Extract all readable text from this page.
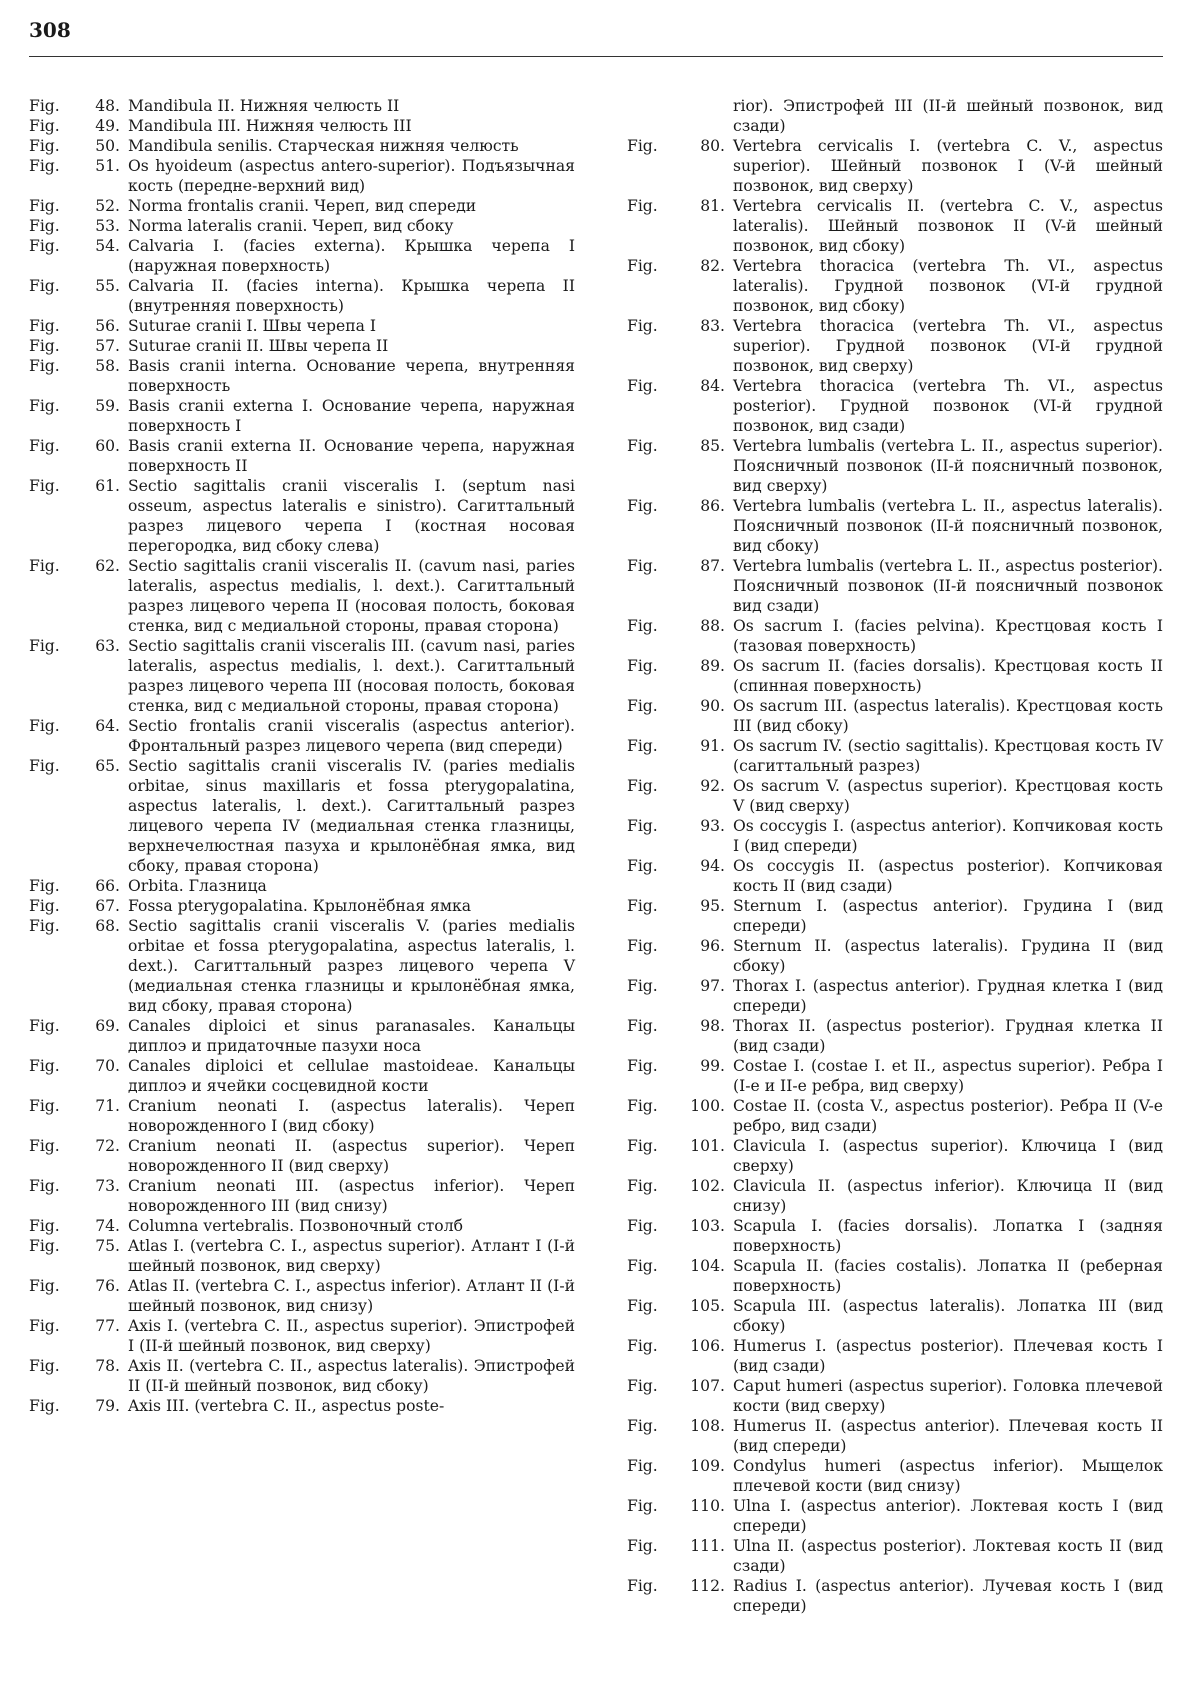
308
Fig.	48. Mandibula II. Нижняя челюсть II
Fig.	49. Mandibula III. Нижняя челюсть III
Fig.	50. Mandibula senilis. Старческая нижняя челюсть
Fig.	51. Os hyoideum (aspectus antero-superior). Подъязычная кость (передне-верхний вид)
Fig.	52. Norma frontalis cranii. Череп, вид спереди
Fig.	53. Norma lateralis cranii. Череп, вид сбоку
Fig.	54. Calvaria I. (facies externa). Крышка черепа I (наружная поверхность)
Fig.	55. Calvaria II. (facies interna). Крышка черепа II (внутренняя поверхность)
Fig.	56. Suturae cranii I. Швы черепа I
Fig.	57. Suturae cranii II. Швы черепа II
Fig.	58. Basis cranii interna. Основание черепа, внутренняя поверхность
Fig.	59. Basis cranii externa I. Основание черепа, наружная поверхность I
Fig.	60. Basis cranii externa II. Основание черепа, наружная поверхность II
Fig.	61. Sectio sagittalis cranii visceralis I. (septum nasi osseum, aspectus lateralis e sinistro). Сагиттальный разрез лицевого черепа I (костная носовая перегородка, вид сбоку слева)
Fig.	62. Sectio sagittalis cranii visceralis II. (cavum nasi, paries lateralis, aspectus medialis, l. dext.). Сагиттальный разрез лицевого черепа II (носовая полость, боковая стенка, вид с медиальной стороны, правая сторона)
Fig.	63. Sectio sagittalis cranii visceralis III. (cavum nasi, paries lateralis, aspectus medialis, l. dext.). Сагиттальный разрез лицевого черепа III (носовая полость, боковая стенка, вид с медиальной стороны, правая сторона)
Fig.	64. Sectio frontalis cranii visceralis (aspectus anterior). Фронтальный разрез лицевого черепа (вид спереди)
Fig.	65. Sectio sagittalis cranii visceralis IV. (paries medialis orbitae, sinus maxillaris et fossa pterygopalatina, aspectus lateralis, l. dext.). Сагиттальный разрез лицевого черепа IV (медиальная стенка глазницы, верхнечелюстная пазуха и крылонёбная ямка, вид сбоку, правая сторона)
Fig.	66. Orbita. Глазница
Fig.	67. Fossa pterygopalatina. Крылонёбная ямка
Fig.	68. Sectio sagittalis cranii visceralis V. (paries medialis orbitae et fossa pterygopalatina, aspectus lateralis, l. dext.). Сагиттальный разрез лицевого черепа V (медиальная стенка глазницы и крылонёбная ямка, вид сбоку, правая сторона)
Fig.	69. Canales diploici et sinus paranasales. Канальцы диплоэ и придаточные пазухи носа
Fig.	70. Canales diploici et cellulae mastoideae. Канальцы диплоэ и ячейки сосцевидной кости
Fig.	71. Cranium neonati I. (aspectus lateralis). Череп новорожденного I (вид сбоку)
Fig.	72. Cranium neonati II. (aspectus superior). Череп новорожденного II (вид сверху)
Fig.	73. Cranium neonati III. (aspectus inferior). Череп новорожденного III (вид снизу)
Fig.	74. Columna vertebralis. Позвоночный столб
Fig.	75. Atlas I. (vertebra C. I., aspectus superior). Атлант I (I-й шейный позвонок, вид сверху)
Fig.	76. Atlas II. (vertebra C. I., aspectus inferior). Атлант II (I-й шейный позвонок, вид снизу)
Fig.	77. Axis I. (vertebra C. II., aspectus superior). Эпистрофей I (II-й шейный позвонок, вид сверху)
Fig.	78. Axis II. (vertebra C. II., aspectus lateralis). Эпистрофей II (II-й шейный позвонок, вид сбоку)
Fig.	79. Axis III. (vertebra C. II., aspectus poste-
rior). Эпистрофей III (II-й шейный позвонок, вид сзади)
Fig.	80. Vertebra cervicalis I. (vertebra C. V., aspectus superior). Шейный позвонок I (V-й шейный позвонок, вид сверху)
Fig.	81. Vertebra cervicalis II. (vertebra C. V., aspectus lateralis). Шейный позвонок II (V-й шейный позвонок, вид сбоку)
Fig.	82. Vertebra thoracica (vertebra Th. VI., aspectus lateralis). Грудной позвонок (VI-й грудной позвонок, вид сбоку)
Fig.	83. Vertebra thoracica (vertebra Th. VI., aspectus superior). Грудной позвонок (VI-й грудной позвонок, вид сверху)
Fig.	84. Vertebra thoracica (vertebra Th. VI., aspectus posterior). Грудной позвонок (VI-й грудной позвонок, вид сзади)
Fig.	85. Vertebra lumbalis (vertebra L. II., aspectus superior). Поясничный позвонок (II-й поясничный позвонок, вид сверху)
Fig.	86. Vertebra lumbalis (vertebra L. II., aspectus lateralis). Поясничный позвонок (II-й поясничный позвонок, вид сбоку)
Fig.	87. Vertebra lumbalis (vertebra L. II., aspectus posterior). Поясничный позвонок (II-й поясничный позвонок вид сзади)
Fig.	88. Os sacrum I. (facies pelvina). Крестцовая кость I (тазовая поверхность)
Fig.	89. Os sacrum II. (facies dorsalis). Крестцовая кость II (спинная поверхность)
Fig.	90. Os sacrum III. (aspectus lateralis). Крестцовая кость III (вид сбоку)
Fig.	91. Os sacrum IV. (sectio sagittalis). Крестцовая кость IV (сагиттальный разрез)
Fig.	92. Os sacrum V. (aspectus superior). Крестцовая кость V (вид сверху)
Fig.	93. Os coccygis I. (aspectus anterior). Копчиковая кость I (вид спереди)
Fig.	94. Os coccygis II. (aspectus posterior). Копчиковая кость II (вид сзади)
Fig.	95. Sternum I. (aspectus anterior). Грудина I (вид спереди)
Fig.	96. Sternum II. (aspectus lateralis). Грудина II (вид сбоку)
Fig.	97. Thorax I. (aspectus anterior). Грудная клетка I (вид спереди)
Fig.	98. Thorax II. (aspectus posterior). Грудная клетка II (вид сзади)
Fig.	99. Costae I. (costae I. et II., aspectus superior). Ребра I (I-е и II-е ребра, вид сверху)
Fig.	100. Costae II. (costa V., aspectus posterior). Ребра II (V-е ребро, вид сзади)
Fig.	101. Clavicula I. (aspectus superior). Ключица I (вид сверху)
Fig.	102. Clavicula II. (aspectus inferior). Ключица II (вид снизу)
Fig.	103. Scapula I. (facies dorsalis). Лопатка I (задняя поверхность)
Fig.	104. Scapula II. (facies costalis). Лопатка II (реберная поверхность)
Fig.	105. Scapula III. (aspectus lateralis). Лопатка III (вид сбоку)
Fig.	106. Humerus I. (aspectus posterior). Плечевая кость I (вид сзади)
Fig.	107. Caput humeri (aspectus superior). Головка плечевой кости (вид сверху)
Fig.	108. Humerus II. (aspectus anterior). Плечевая кость II (вид спереди)
Fig.	109. Condylus humeri (aspectus inferior). Мыщелок плечевой кости (вид снизу)
Fig.	110. Ulna I. (aspectus anterior). Локтевая кость I (вид спереди)
Fig.	111. Ulna II. (aspectus posterior). Локтевая кость II (вид сзади)
Fig.	112. Radius I. (aspectus anterior). Лучевая кость I (вид спереди)
